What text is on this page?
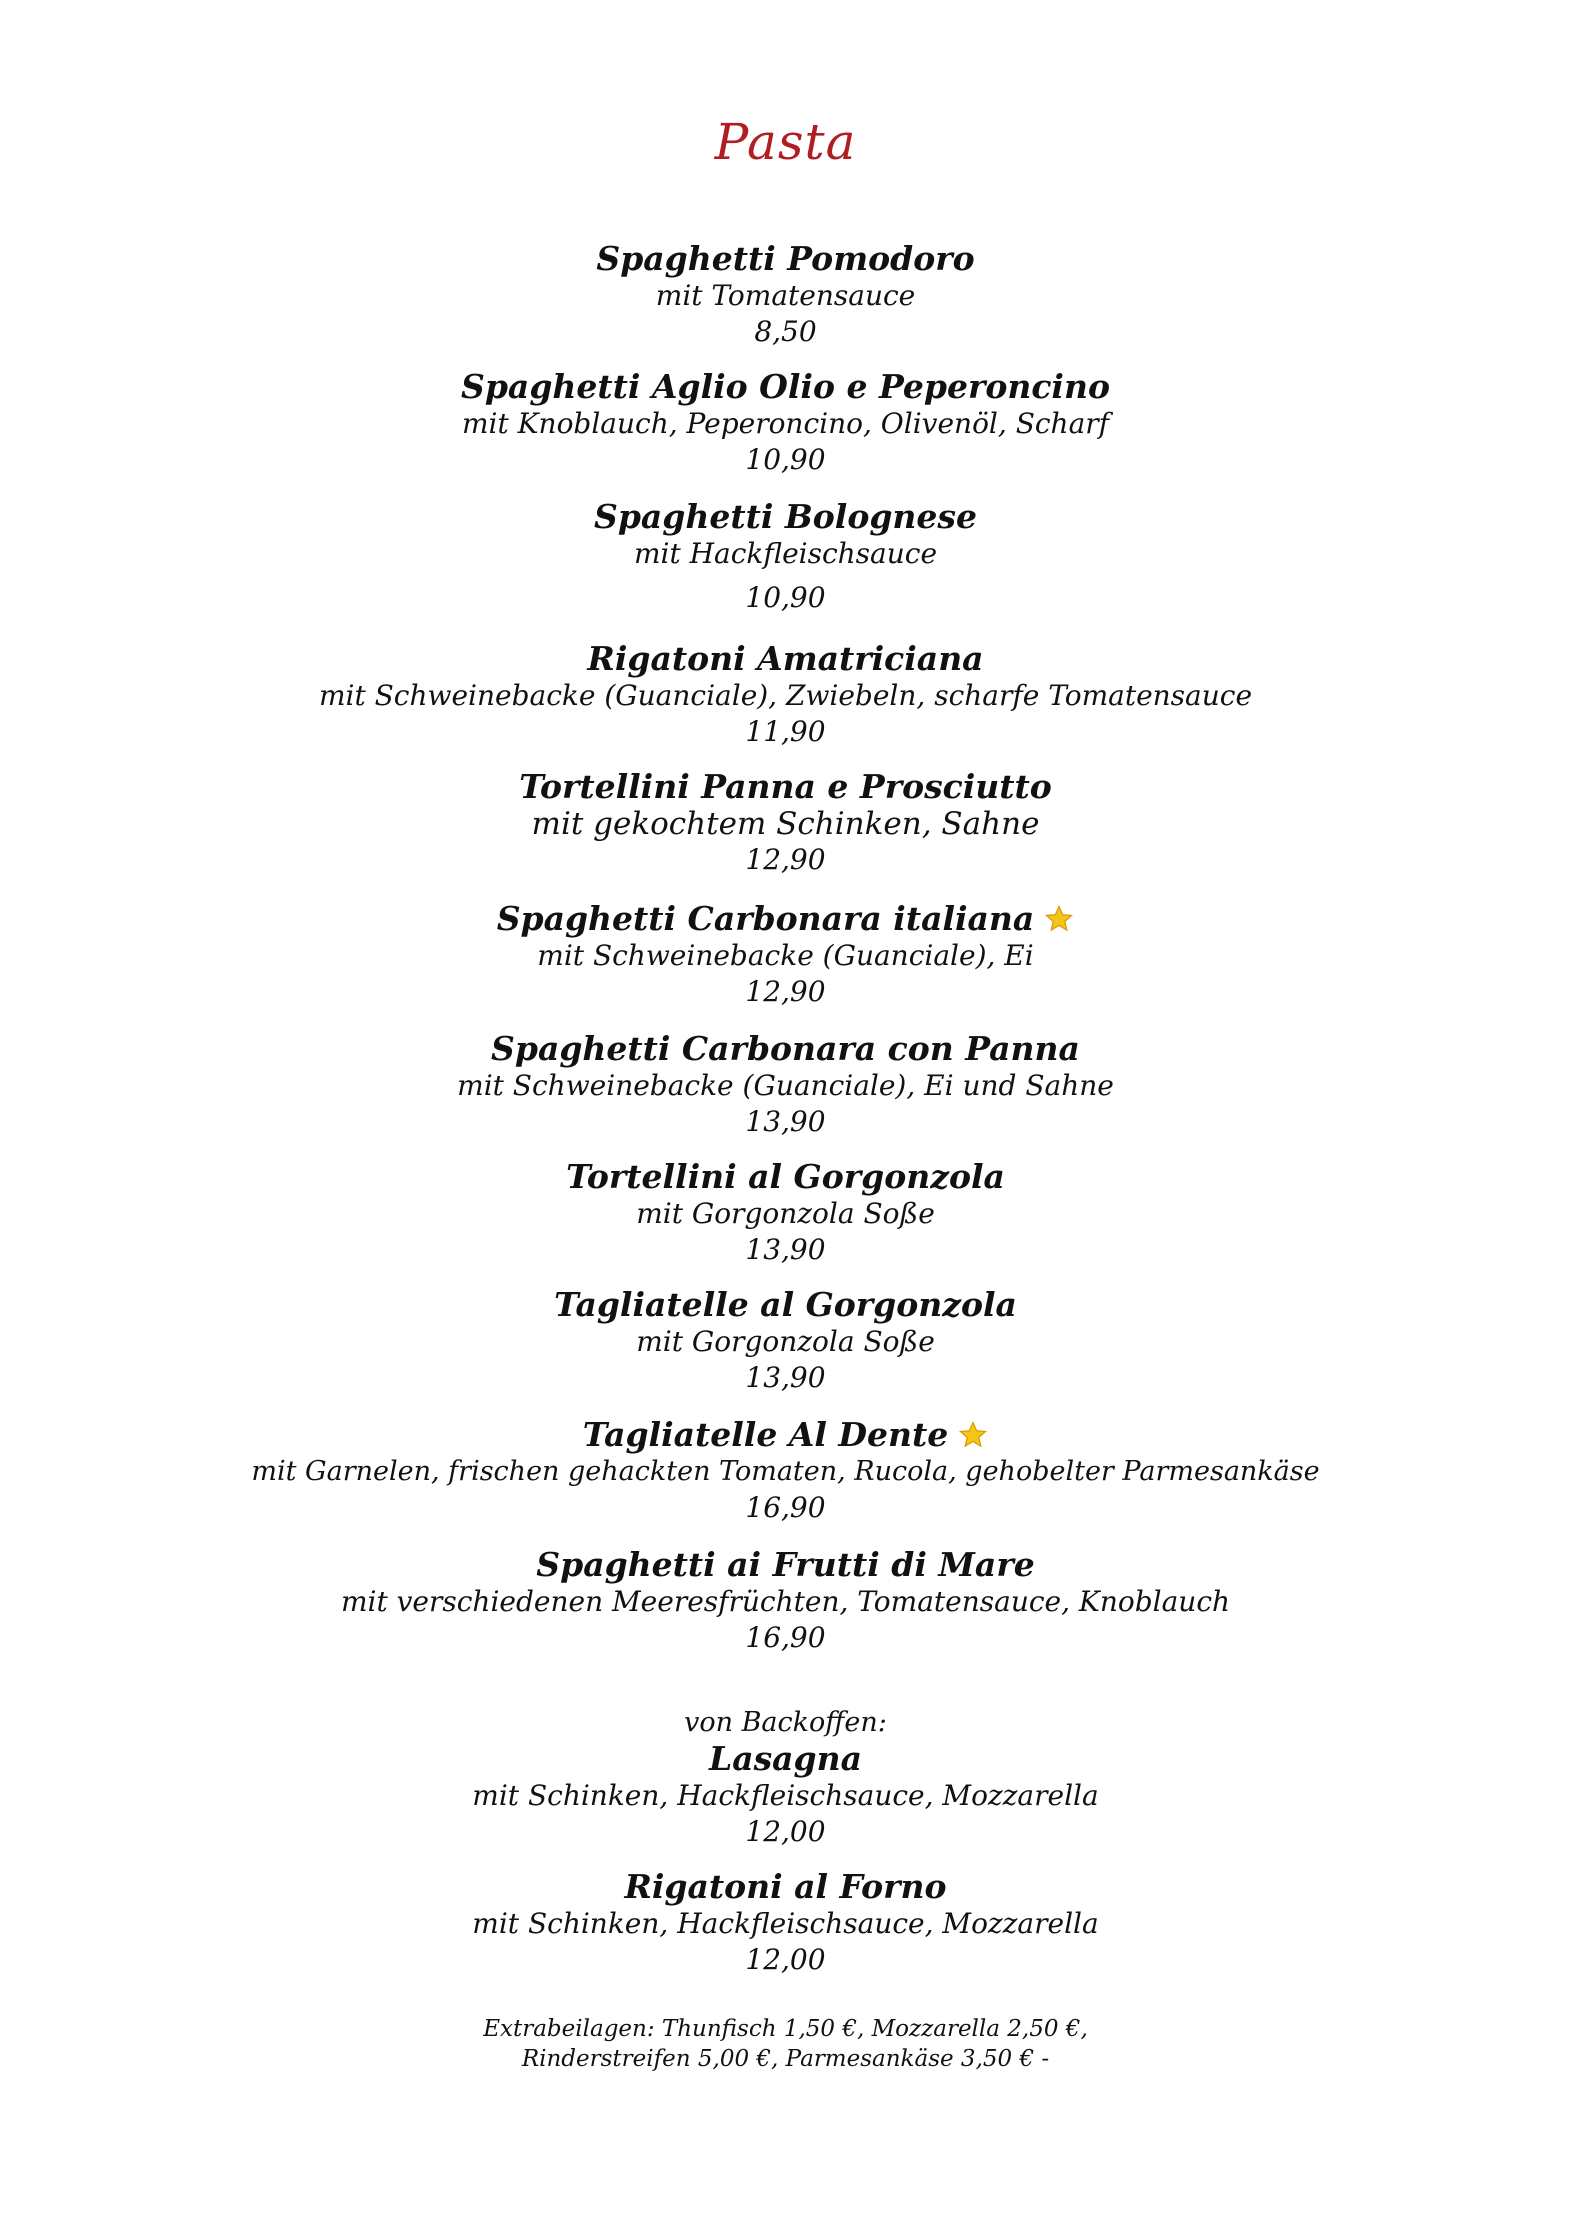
Pasta
Spaghetti Pomodoro
mit Tomatensauce
8,50
Spaghetti Aglio Olio e Peperoncino
mit Knoblauch, Peperoncino, Olivenöl, Scharf
10,90
Spaghetti Bolognese
mit Hackfleischsauce
10,90
Rigatoni Amatriciana
mit Schweinebacke (Guanciale), Zwiebeln, scharfe Tomatensauce
11,90
Tortellini Panna e Prosciutto
mit gekochtem Schinken, Sahne
12,90
Spaghetti Carbonara italiana
mit Schweinebacke (Guanciale), Ei
12,90
Spaghetti Carbonara con Panna
mit Schweinebacke (Guanciale), Ei und Sahne
13,90
Tortellini al Gorgonzola
mit Gorgonzola Soße
13,90
Tagliatelle al Gorgonzola
mit Gorgonzola Soße
13,90
Tagliatelle Al Dente
mit Garnelen, frischen gehackten Tomaten, Rucola, gehobelter Parmesankäse
16,90
Spaghetti ai Frutti di Mare
mit verschiedenen Meeresfrüchten, Tomatensauce, Knoblauch
16,90
von Backoffen:
Lasagna
mit Schinken, Hackfleischsauce, Mozzarella
12,00
Rigatoni al Forno
mit Schinken, Hackfleischsauce, Mozzarella
12,00
Extrabeilagen: Thunfisch 1,50 €, Mozzarella 2,50 €,
Rinderstreifen 5,00 €, Parmesankäse 3,50 € -
